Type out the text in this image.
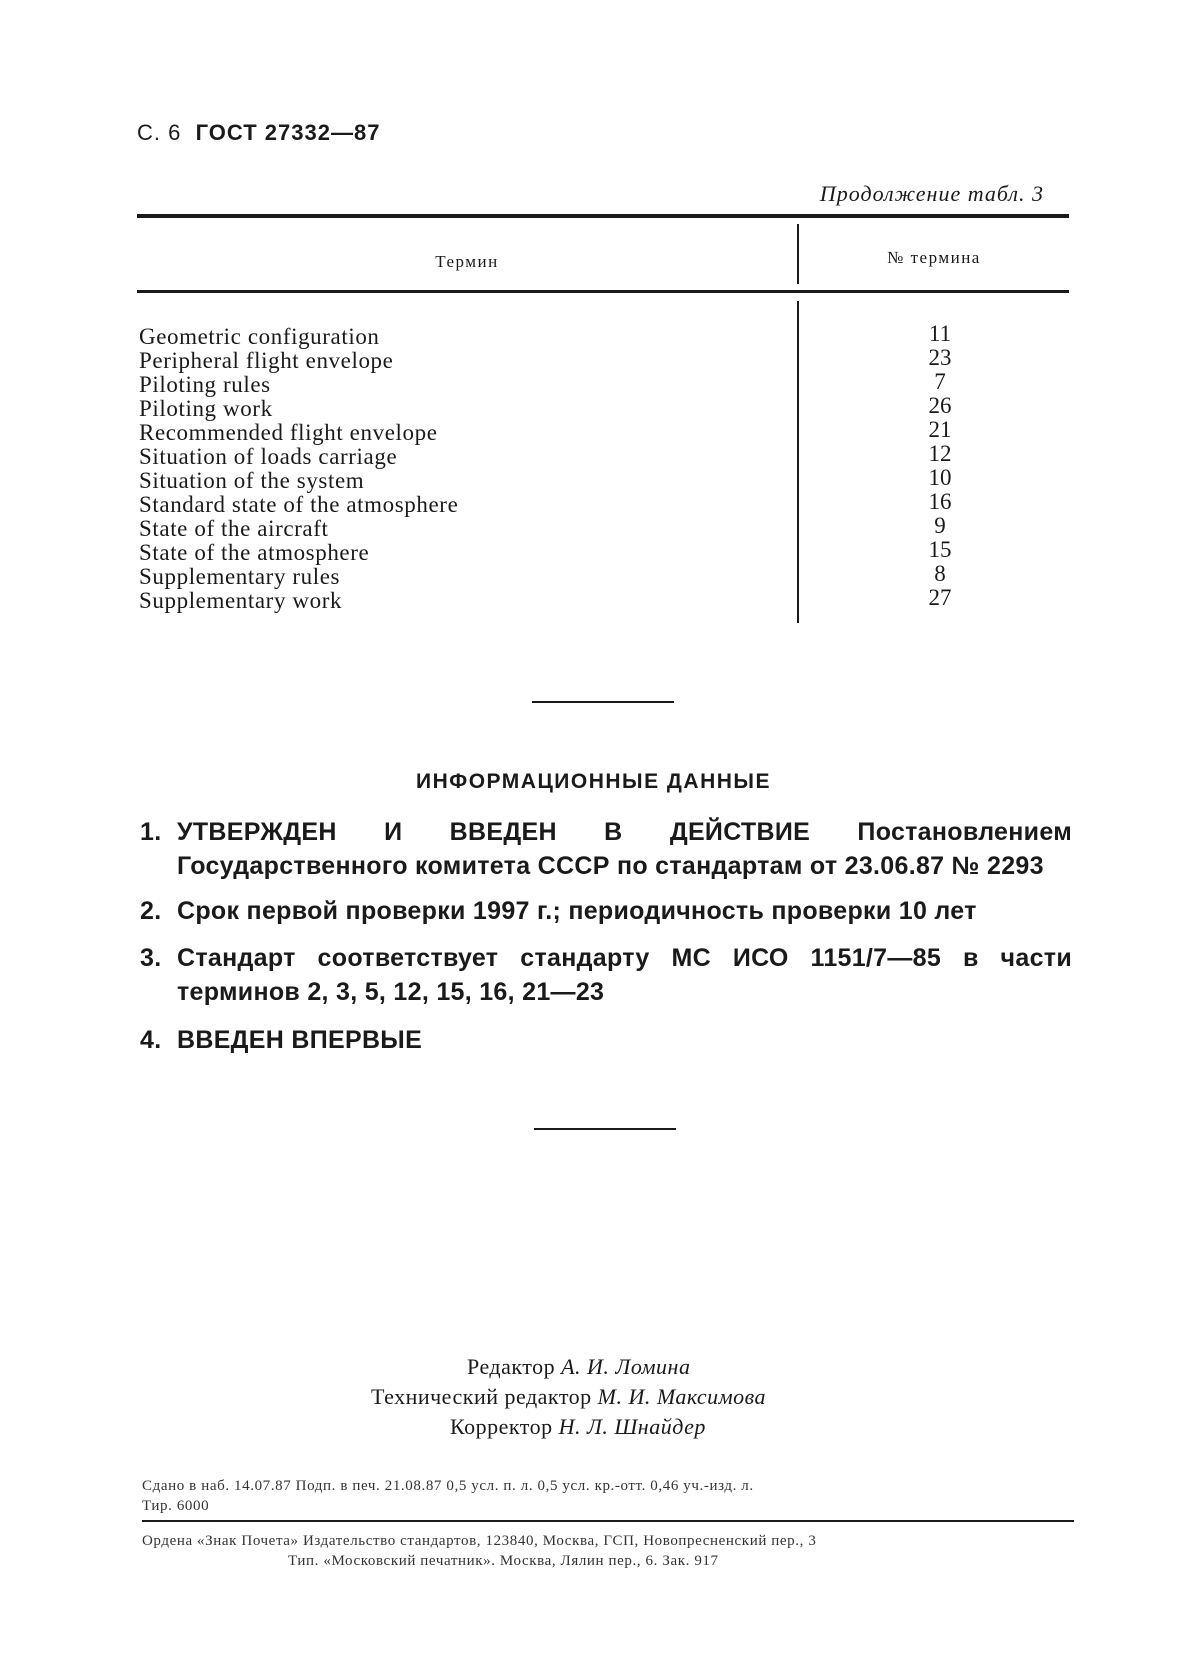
С. 6 ГОСТ 27332—87
Продолжение табл. 3
Термин	№ термина
Geometric configuration
Peripheral flight envelope
Piloting rules
Piloting work
Recommended flight envelope
Situation of loads carriage
Situation of the system
Standard state of the atmosphere
State of the aircraft
State of the atmosphere
Supplementary rules
Supplementary work
11
23
7
26
21
12
10
16
9
15
8
27
ИНФОРМАЦИОННЫЕ ДАННЫЕ
1. УТВЕРЖДЕН И ВВЕДЕН В ДЕЙСТВИЕ Постановлением Государственного комитета СССР по стандартам от 23.06.87 № 2293
2. Срок первой проверки 1997 г.; периодичность проверки 10 лет
3. Стандарт соответствует стандарту МС ИСО 1151/7—85 в части терминов 2, 3, 5, 12, 15, 16, 21—23
4. ВВЕДЕН ВПЕРВЫЕ
Редактор А. И. Ломина
Технический редактор М. И. Максимова
Корректор Н. Л. Шнайдер
Сдано в наб. 14.07.87 Подп. в печ. 21.08.87 0,5 усл. п. л. 0,5 усл. кр.-отт. 0,46 уч.-изд. л.
Тир. 6000
Ордена «Знак Почета» Издательство стандартов, 123840, Москва, ГСП, Новопресненский пер., 3
Тип. «Московский печатник». Москва, Лялин пер., 6. Зак. 917
